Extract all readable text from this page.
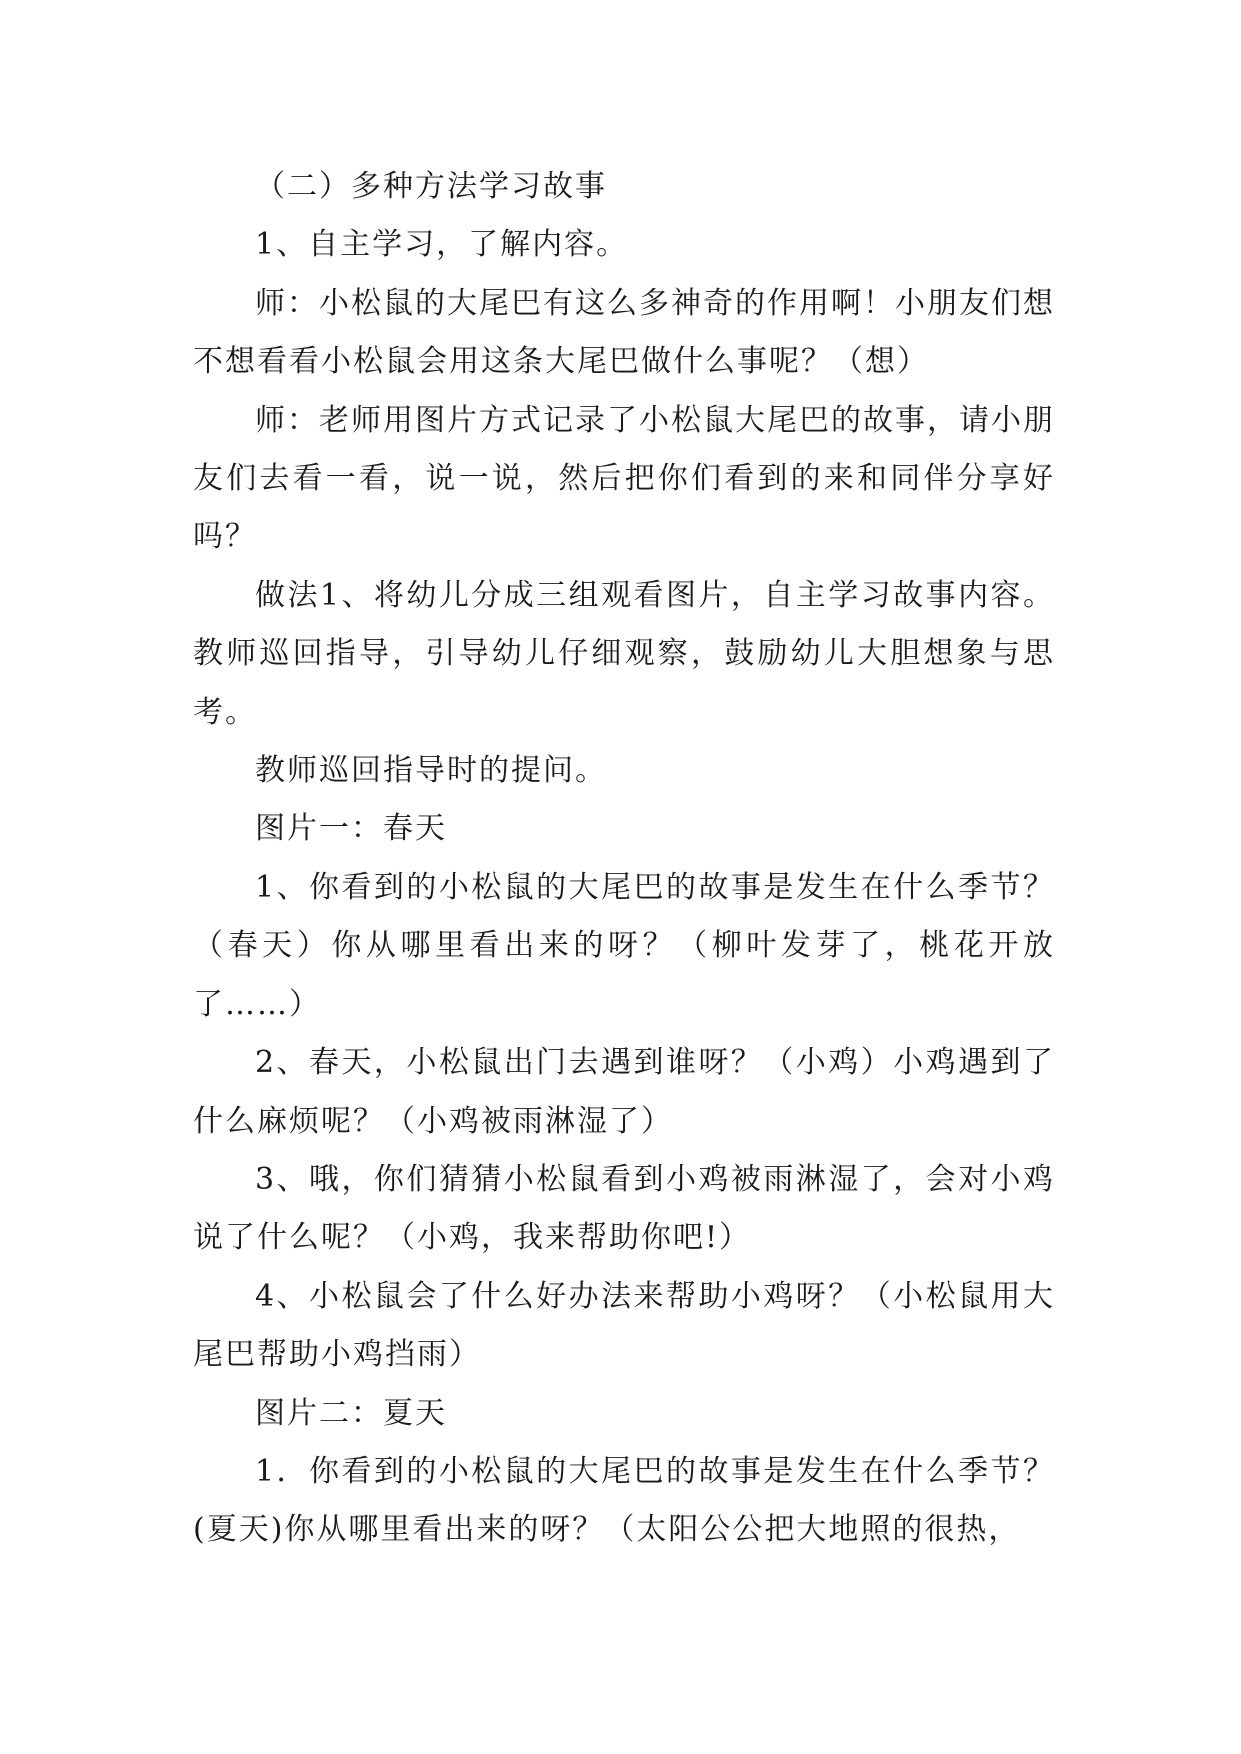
（二）多种方法学习故事

1、自主学习，了解内容。

师：小松鼠的大尾巴有这么多神奇的作用啊！小朋友们想不想看看小松鼠会用这条大尾巴做什么事呢？（想）

师：老师用图片方式记录了小松鼠大尾巴的故事，请小朋友们去看一看，说一说，然后把你们看到的来和同伴分享好吗？

做法1、将幼儿分成三组观看图片，自主学习故事内容。教师巡回指导，引导幼儿仔细观察，鼓励幼儿大胆想象与思考。

教师巡回指导时的提问。

图片一：春天

1、你看到的小松鼠的大尾巴的故事是发生在什么季节？（春天）你从哪里看出来的呀？（柳叶发芽了，桃花开放了……）

2、春天，小松鼠出门去遇到谁呀？（小鸡）小鸡遇到了什么麻烦呢？（小鸡被雨淋湿了）

3、哦，你们猜猜小松鼠看到小鸡被雨淋湿了，会对小鸡说了什么呢？（小鸡，我来帮助你吧!）

4、小松鼠会了什么好办法来帮助小鸡呀？（小松鼠用大尾巴帮助小鸡挡雨）

图片二：夏天

1．你看到的小松鼠的大尾巴的故事是发生在什么季节？(夏天)你从哪里看出来的呀？（太阳公公把大地照的很热，
